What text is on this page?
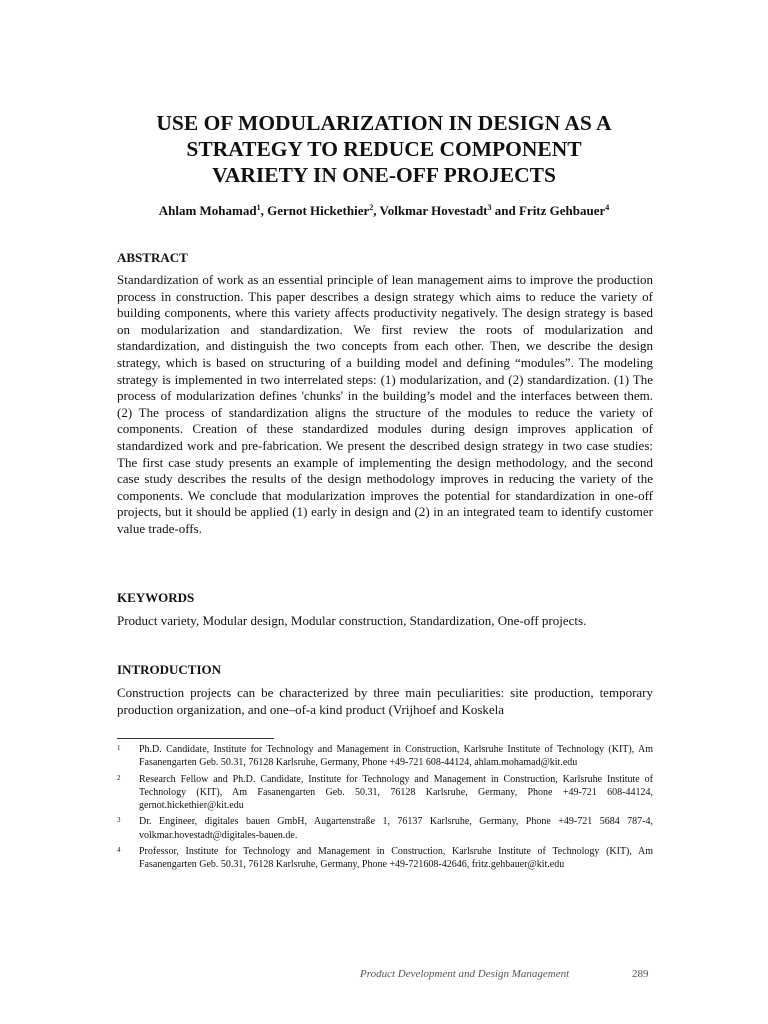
USE OF MODULARIZATION IN DESIGN AS A
STRATEGY TO REDUCE COMPONENT
VARIETY IN ONE-OFF PROJECTS
Ahlam Mohamad$^1$, Gernot Hickethier$^2$, Volkmar Hovestadt$^3$ and Fritz Gehbauer$^4$
ABSTRACT

Standardization of work as an essential principle of lean management aims to improve the production process in construction. This paper describes a design strategy which aims to reduce the variety of building components, where this variety affects productivity negatively. The design strategy is based on modularization and standardization. We first review the roots of modularization and standardization, and distinguish the two concepts from each other. Then, we describe the design strategy, which is based on structuring of a building model and defining “modules”. The modeling strategy is implemented in two interrelated steps: (1) modularization, and (2) standardization. (1) The process of modularization defines 'chunks' in the building’s model and the interfaces between them. (2) The process of standardization aligns the structure of the modules to reduce the variety of components. Creation of these standardized modules during design improves application of standardized work and pre-fabrication. We present the described design strategy in two case studies: The first case study presents an example of implementing the design methodology, and the second case study describes the results of the design methodology improves in reducing the variety of the components. We conclude that modularization improves the potential for standardization in one-off projects, but it should be applied (1) early in design and (2) in an integrated team to identify customer value trade-offs.

KEYWORDS

Product variety, Modular design, Modular construction, Standardization, One-off projects.

INTRODUCTION

Construction projects can be characterized by three main peculiarities: site production, temporary production organization, and one–of-a kind product (Vrijhoef and Koskela

1	Ph.D. Candidate, Institute for Technology and Management in Construction, Karlsruhe Institute of Technology (KIT), Am Fasanengarten Geb. 50.31, 76128 Karlsruhe, Germany, Phone +49-721 608-44124, ahlam.mohamad@kit.edu
2	Research Fellow and Ph.D. Candidate, Institute for Technology and Management in Construction, Karlsruhe Institute of Technology (KIT), Am Fasanengarten Geb. 50.31, 76128 Karlsruhe, Germany, Phone +49-721 608-44124, gernot.hickethier@kit.edu
3	Dr. Engineer, digitales bauen GmbH, Augartenstraße 1, 76137 Karlsruhe, Germany, Phone +49-721 5684 787-4, volkmar.hovestadt@digitales-bauen.de.
4	Professor, Institute for Technology and Management in Construction, Karlsruhe Institute of Technology (KIT), Am Fasanengarten Geb. 50.31, 76128 Karlsruhe, Germany, Phone +49-721608-42646, fritz.gehbauer@kit.edu
Product Development and Design Management	289
